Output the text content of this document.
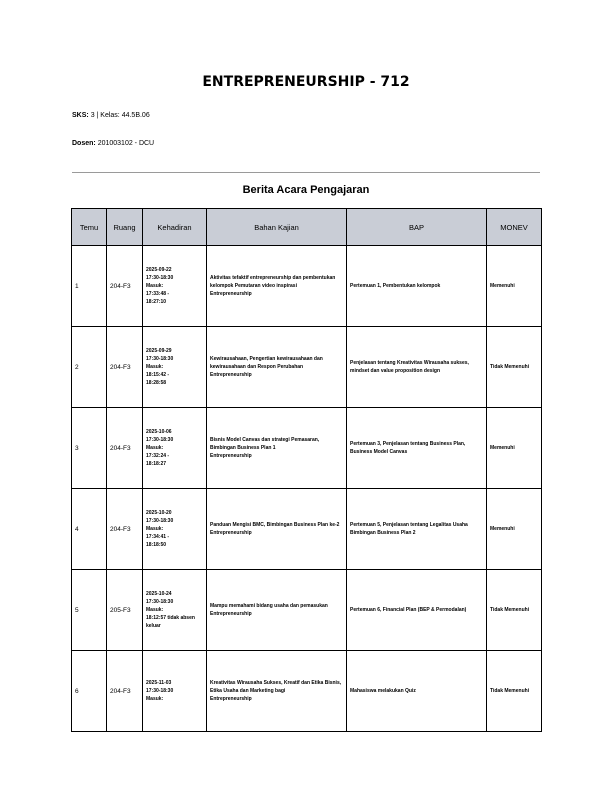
ENTREPRENEURSHIP - 712
SKS: 3 | Kelas: 44.5B.06
Dosen: 201003102 - DCU
Berita Acara Pengajaran
Temu	Ruang	Kehadiran	Bahan Kajian	BAP	MONEV
1	204-F3	2025-09-22
17:30-18:30
Masuk:
17:33:48 -
18:27:10	Aktivitas tefaktif entrepreneurship dan pembentukan kelompok Pemutaran video inspirasi
Entrepreneurship	Pertemuan 1, Pembentukan kelompok	Memenuhi
2	204-F3	2025-09-29
17:30-18:30
Masuk:
18:15:42 -
18:28:58	Kewirausahaan, Pengertian kewirausahaan dan kewirausahaan dan Respon Perubahan
Entrepreneurship	Penjelasan tentang Kreativitas Wirausaha sukses, mindset dan value proposition design	Tidak Memenuhi
3	204-F3	2025-10-06
17:30-18:30
Masuk:
17:32:24 -
18:18:27	Bisnis Model Canvas dan strategi Pemasaran, Bimbingan Business Plan 1
Entrepreneurship	Pertemuan 3, Penjelasan tentang Business Plan, Business Model Canvas	Memenuhi
4	204-F3	2025-10-20
17:30-18:30
Masuk:
17:34:41 -
18:18:50	Panduan Mengisi BMC, Bimbingan Business Plan ke-2
Entrepreneurship	Pertemuan 5, Penjelasan tentang Legalitas Usaha Bimbingan Business Plan 2	Memenuhi
5	205-F3	2025-10-24
17:30-18:30
Masuk:
18:12:57 tidak absen keluar	Mampu memahami bidang usaha dan pemasukan
Entrepreneurship	Pertemuan 6, Financial Plan (BEP & Permodalan)	Tidak Memenuhi
6	204-F3	2025-11-03
17:30-18:30
Masuk:	Kreativitas Wirausaha Sukses, Kreatif dan Etika Bisnis, Etika Usaha dan Marketing bagi
Entrepreneurship	Mahasiswa melakukan Quiz	Tidak Memenuhi
